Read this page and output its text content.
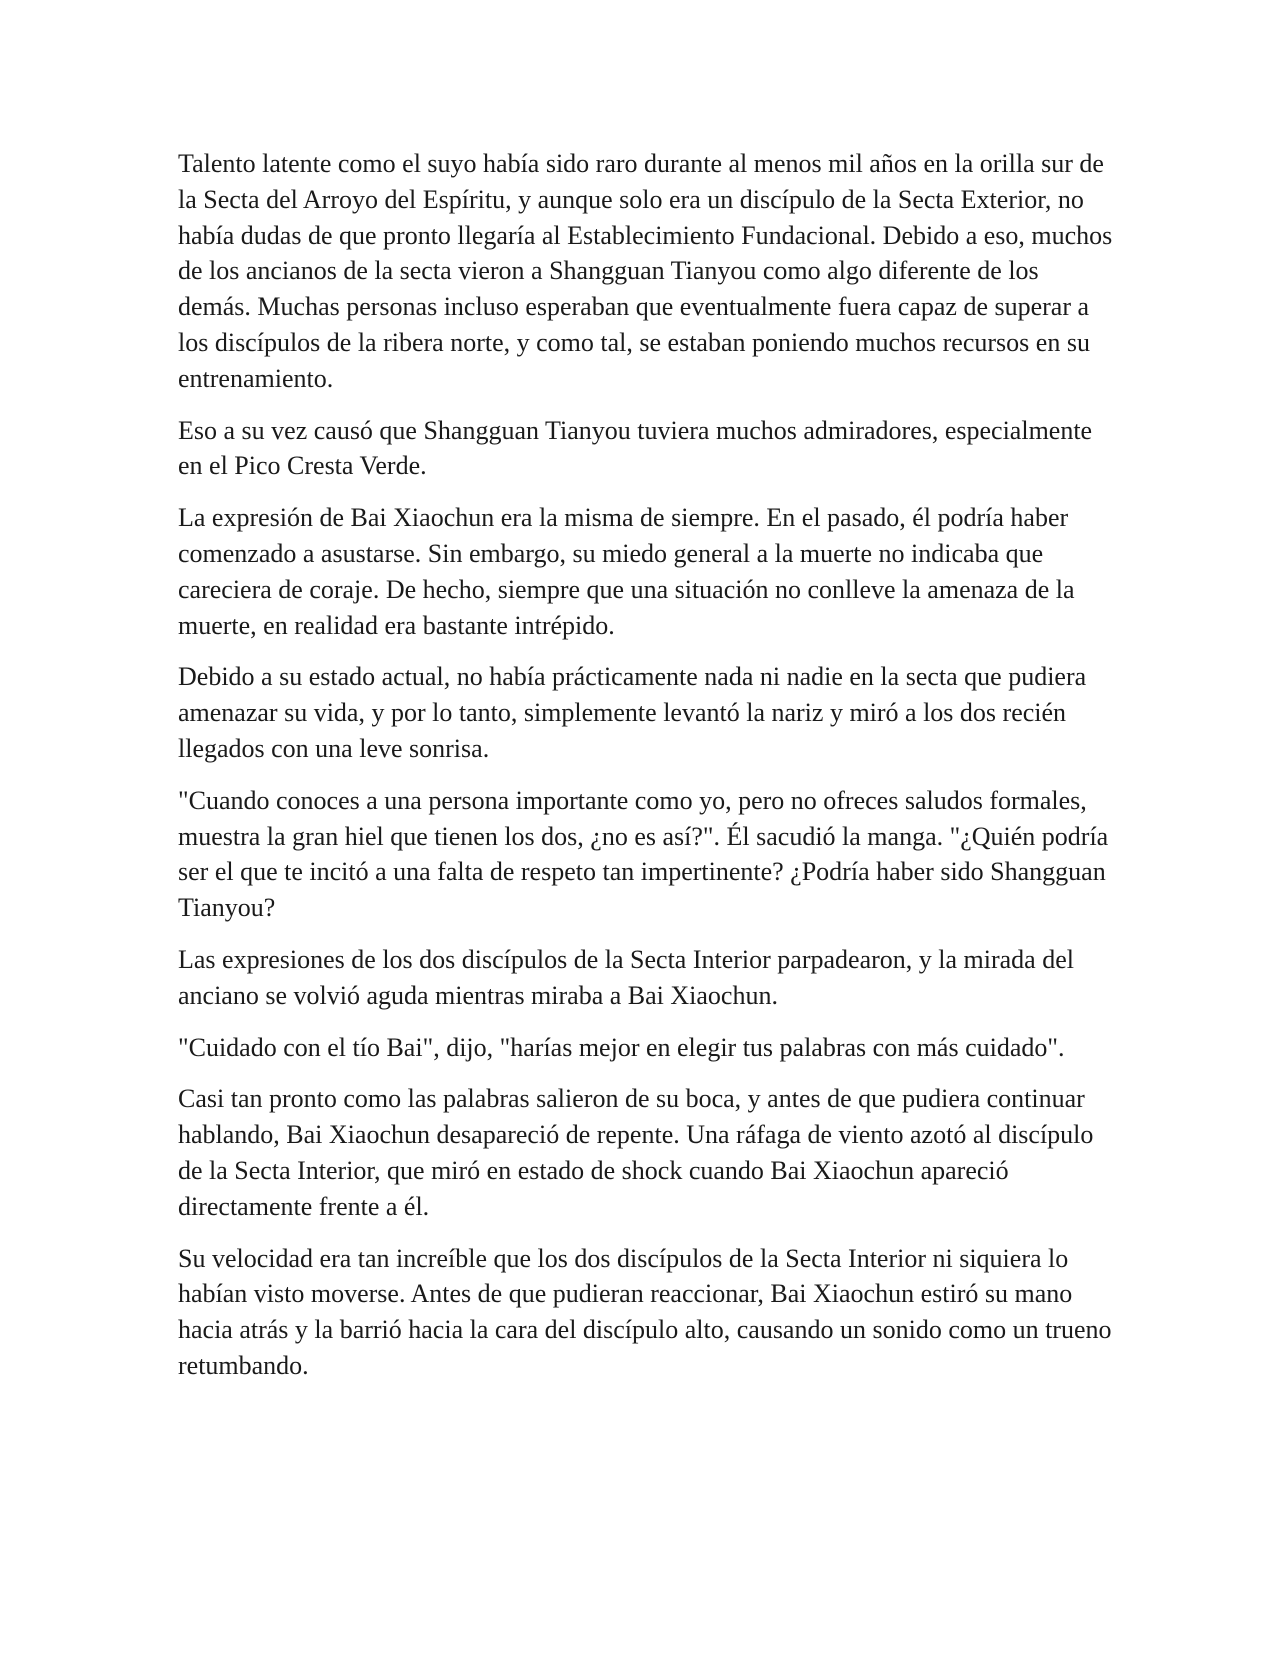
Talento latente como el suyo había sido raro durante al menos mil años en la orilla sur de la Secta del Arroyo del Espíritu, y aunque solo era un discípulo de la Secta Exterior, no había dudas de que pronto llegaría al Establecimiento Fundacional. Debido a eso, muchos de los ancianos de la secta vieron a Shangguan Tianyou como algo diferente de los demás. Muchas personas incluso esperaban que eventualmente fuera capaz de superar a los discípulos de la ribera norte, y como tal, se estaban poniendo muchos recursos en su entrenamiento.

Eso a su vez causó que Shangguan Tianyou tuviera muchos admiradores, especialmente en el Pico Cresta Verde.

La expresión de Bai Xiaochun era la misma de siempre. En el pasado, él podría haber comenzado a asustarse. Sin embargo, su miedo general a la muerte no indicaba que careciera de coraje. De hecho, siempre que una situación no conlleve la amenaza de la muerte, en realidad era bastante intrépido.

Debido a su estado actual, no había prácticamente nada ni nadie en la secta que pudiera amenazar su vida, y por lo tanto, simplemente levantó la nariz y miró a los dos recién llegados con una leve sonrisa.

"Cuando conoces a una persona importante como yo, pero no ofreces saludos formales, muestra la gran hiel que tienen los dos, ¿no es así?". Él sacudió la manga. "¿Quién podría ser el que te incitó a una falta de respeto tan impertinente? ¿Podría haber sido Shangguan Tianyou?

Las expresiones de los dos discípulos de la Secta Interior parpadearon, y la mirada del anciano se volvió aguda mientras miraba a Bai Xiaochun.

"Cuidado con el tío Bai", dijo, "harías mejor en elegir tus palabras con más cuidado".

Casi tan pronto como las palabras salieron de su boca, y antes de que pudiera continuar hablando, Bai Xiaochun desapareció de repente. Una ráfaga de viento azotó al discípulo de la Secta Interior, que miró en estado de shock cuando Bai Xiaochun apareció directamente frente a él.

Su velocidad era tan increíble que los dos discípulos de la Secta Interior ni siquiera lo habían visto moverse. Antes de que pudieran reaccionar, Bai Xiaochun estiró su mano hacia atrás y la barrió hacia la cara del discípulo alto, causando un sonido como un trueno retumbando.
